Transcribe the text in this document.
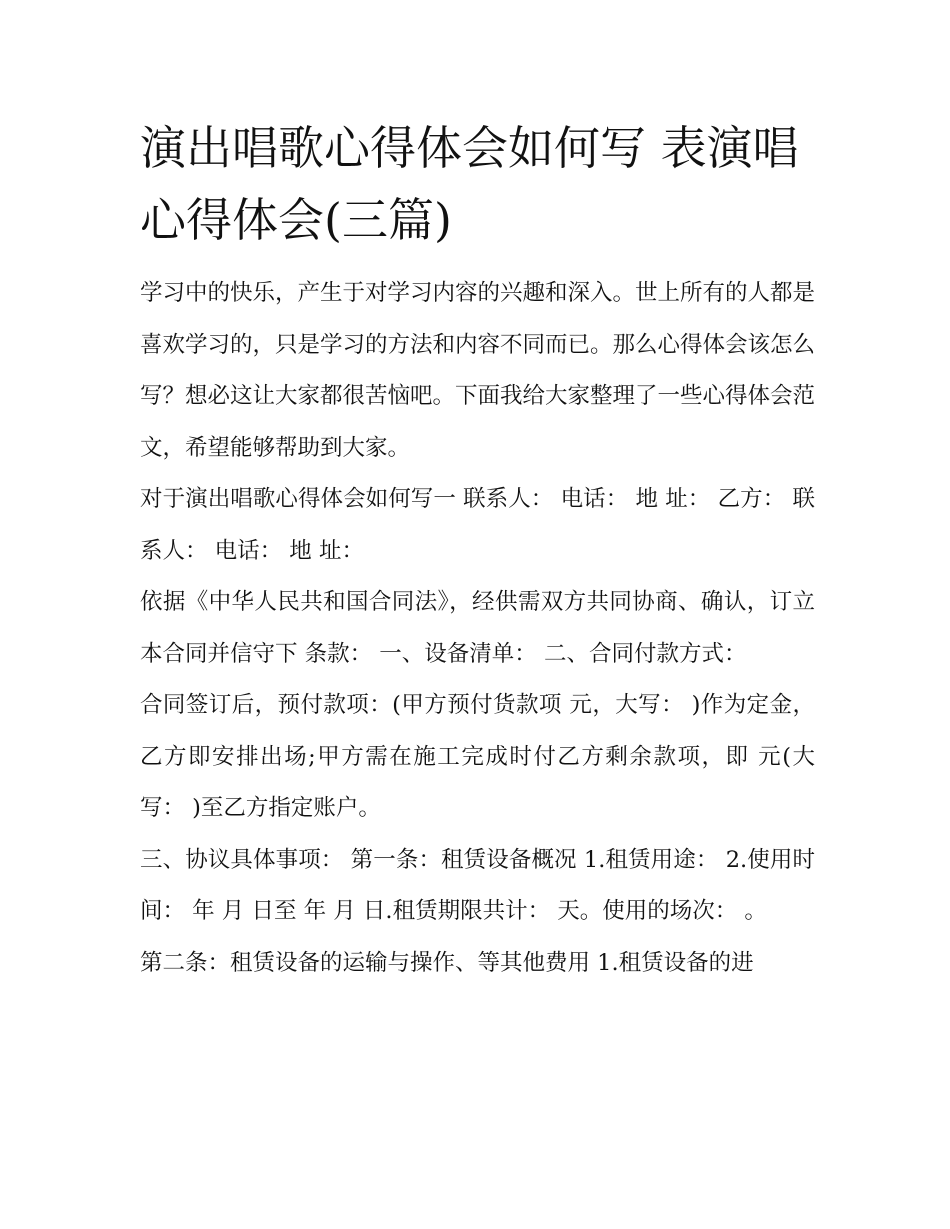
演出唱歌心得体会如何写 表演唱心得体会(三篇)

学习中的快乐，产生于对学习内容的兴趣和深入。世上所有的人都是喜欢学习的，只是学习的方法和内容不同而已。那么心得体会该怎么写？想必这让大家都很苦恼吧。下面我给大家整理了一些心得体会范文，希望能够帮助到大家。

对于演出唱歌心得体会如何写一 联系人： 电话： 地 址： 乙方： 联系人： 电话： 地 址：

依据《中华人民共和国合同法》，经供需双方共同协商、确认，订立本合同并信守下 条款： 一、设备清单： 二、合同付款方式：

合同签订后，预付款项：(甲方预付货款项 元，大写： )作为定金，乙方即安排出场;甲方需在施工完成时付乙方剩余款项，即 元(大写： )至乙方指定账户。

三、协议具体事项： 第一条：租赁设备概况 1.租赁用途： 2.使用时间： 年 月 日至 年 月 日.租赁期限共计： 天。使用的场次： 。

第二条：租赁设备的运输与操作、等其他费用 1.租赁设备的进
